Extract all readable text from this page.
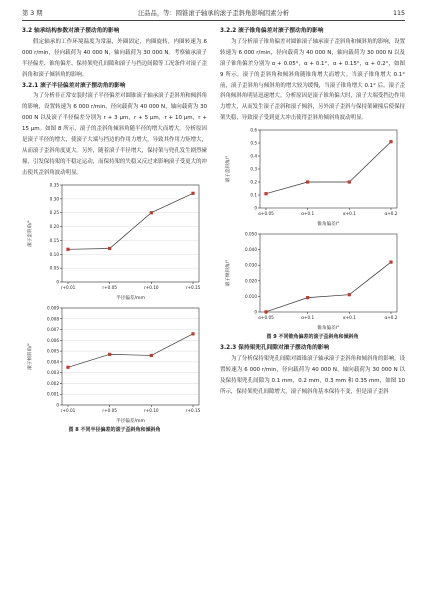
第 3 期	汪品品，等：圆锥滚子轴承的滚子歪斜角影响因素分析	115
3.2 轴承结构参数对滚子摆动角的影响

假定轴承的工作环境温度为常温，外圈固定，内圈旋转，内圈转速为 6 000 r/min，径向载荷为 40 000 N，轴向载荷为 30 000 N。考察轴承滚子半径偏差、锥角偏差、保持架兜孔间隙和滚子与挡边间隙等工况条件对滚子歪斜角和滚子倾斜角的影响。

3.2.1 滚子半径偏差对滚子摆动角的影响

为了分析非正常安装时滚子半径偏差对圆锥滚子轴承滚子歪斜角和倾斜角的影响，设置转速为 6 000 r/min，径向载荷为 40 000 N，轴向载荷为 30 000 N 以及滚子半径偏差分别为 r + 3 μm，r + 5 μm，r + 10 μm，r + 15 μm。如图 8 所示，滚子的歪斜角倾斜角随半径的增大而增大。分析原因是滚子半径的增大，使滚子大端与挡边的作用力增大，导致其作用力矩增大，从而滚子歪斜角度更大。另外，随着滚子半径增大，保持架与兜孔发生剧烈碰撞，引发保持架的不稳定运动，而保持架的失稳又反过来影响滚子受更大的冲击使其歪斜角波动明显。

0
0.05
0.10
0.15
0.20
0.25
0.30
0.35
r+0.01	r+0.05	r+0.10	r+0.15
半径偏差/mm
滚子歪斜角/°
0
0.001
0.002
0.003
0.004
0.005
0.006
0.007
0.008
0.009
r+0.01	r+0.05	r+0.10	r+0.15
半径偏差/mm
滚子倾斜角/°
图 8 不同半径偏差的滚子歪斜角和倾斜角
3.2.2 滚子锥角偏差对滚子摆动角的影响

为了分析滚子锥角偏差对圆锥滚子轴承滚子歪斜角和倾斜角的影响，设置转速为 6 000 r/min，径向载荷为 40 000 N，轴向载荷为 30 000 N 以及滚子锥角偏差分别为 α + 0.05°，α + 0.1°，α + 0.15°，α + 0.2°，如图 9 所示。滚子的歪斜角和倾斜角随锥角增大而增大。当滚子锥角增大 0.1° 前，滚子歪斜角与倾斜角的增大较为缓慢，当滚子锥角增大 0.1° 后，滚子歪斜角倾斜角明显迅速增大。分析原因是滚子锥角偏大时，滚子大端受挡边作用力增大，从而发生滚子歪斜和滚子倾斜，另外滚子歪斜与保持架碰撞后使保持架失稳，导致滚子受到更大冲击使得歪斜角倾斜角波动明显。

0
0.1
0.2
0.3
0.4
0.5
0.6
α+0.05	α+0.1	α+0.1	α+0.2
锥角偏差/°
滚子歪斜角/°
0
0.010
0.020
0.030
0.040
0.050
α+0.05	α+0.1	α+0.1	α+0.2
锥角偏差/°
滚子倾斜角/°
图 9 不同锥角偏差的滚子歪斜角和倾斜角
3.2.3 保持架兜孔间隙对滚子摆动角的影响

为了分析保持架兜孔间隙对圆锥滚子轴承滚子歪斜角和倾斜角的影响，设置转速为 6 000 r/min，径向载荷为 40 000 N，轴向载荷为 30 000 N 以及保持架兜孔间隙为 0.1 mm，0.2 mm，0.3 mm 和 0.35 mm，如图 10 所示，保持架兜孔间隙增大，滚子倾斜角基本保持不变，但是滚子歪斜
